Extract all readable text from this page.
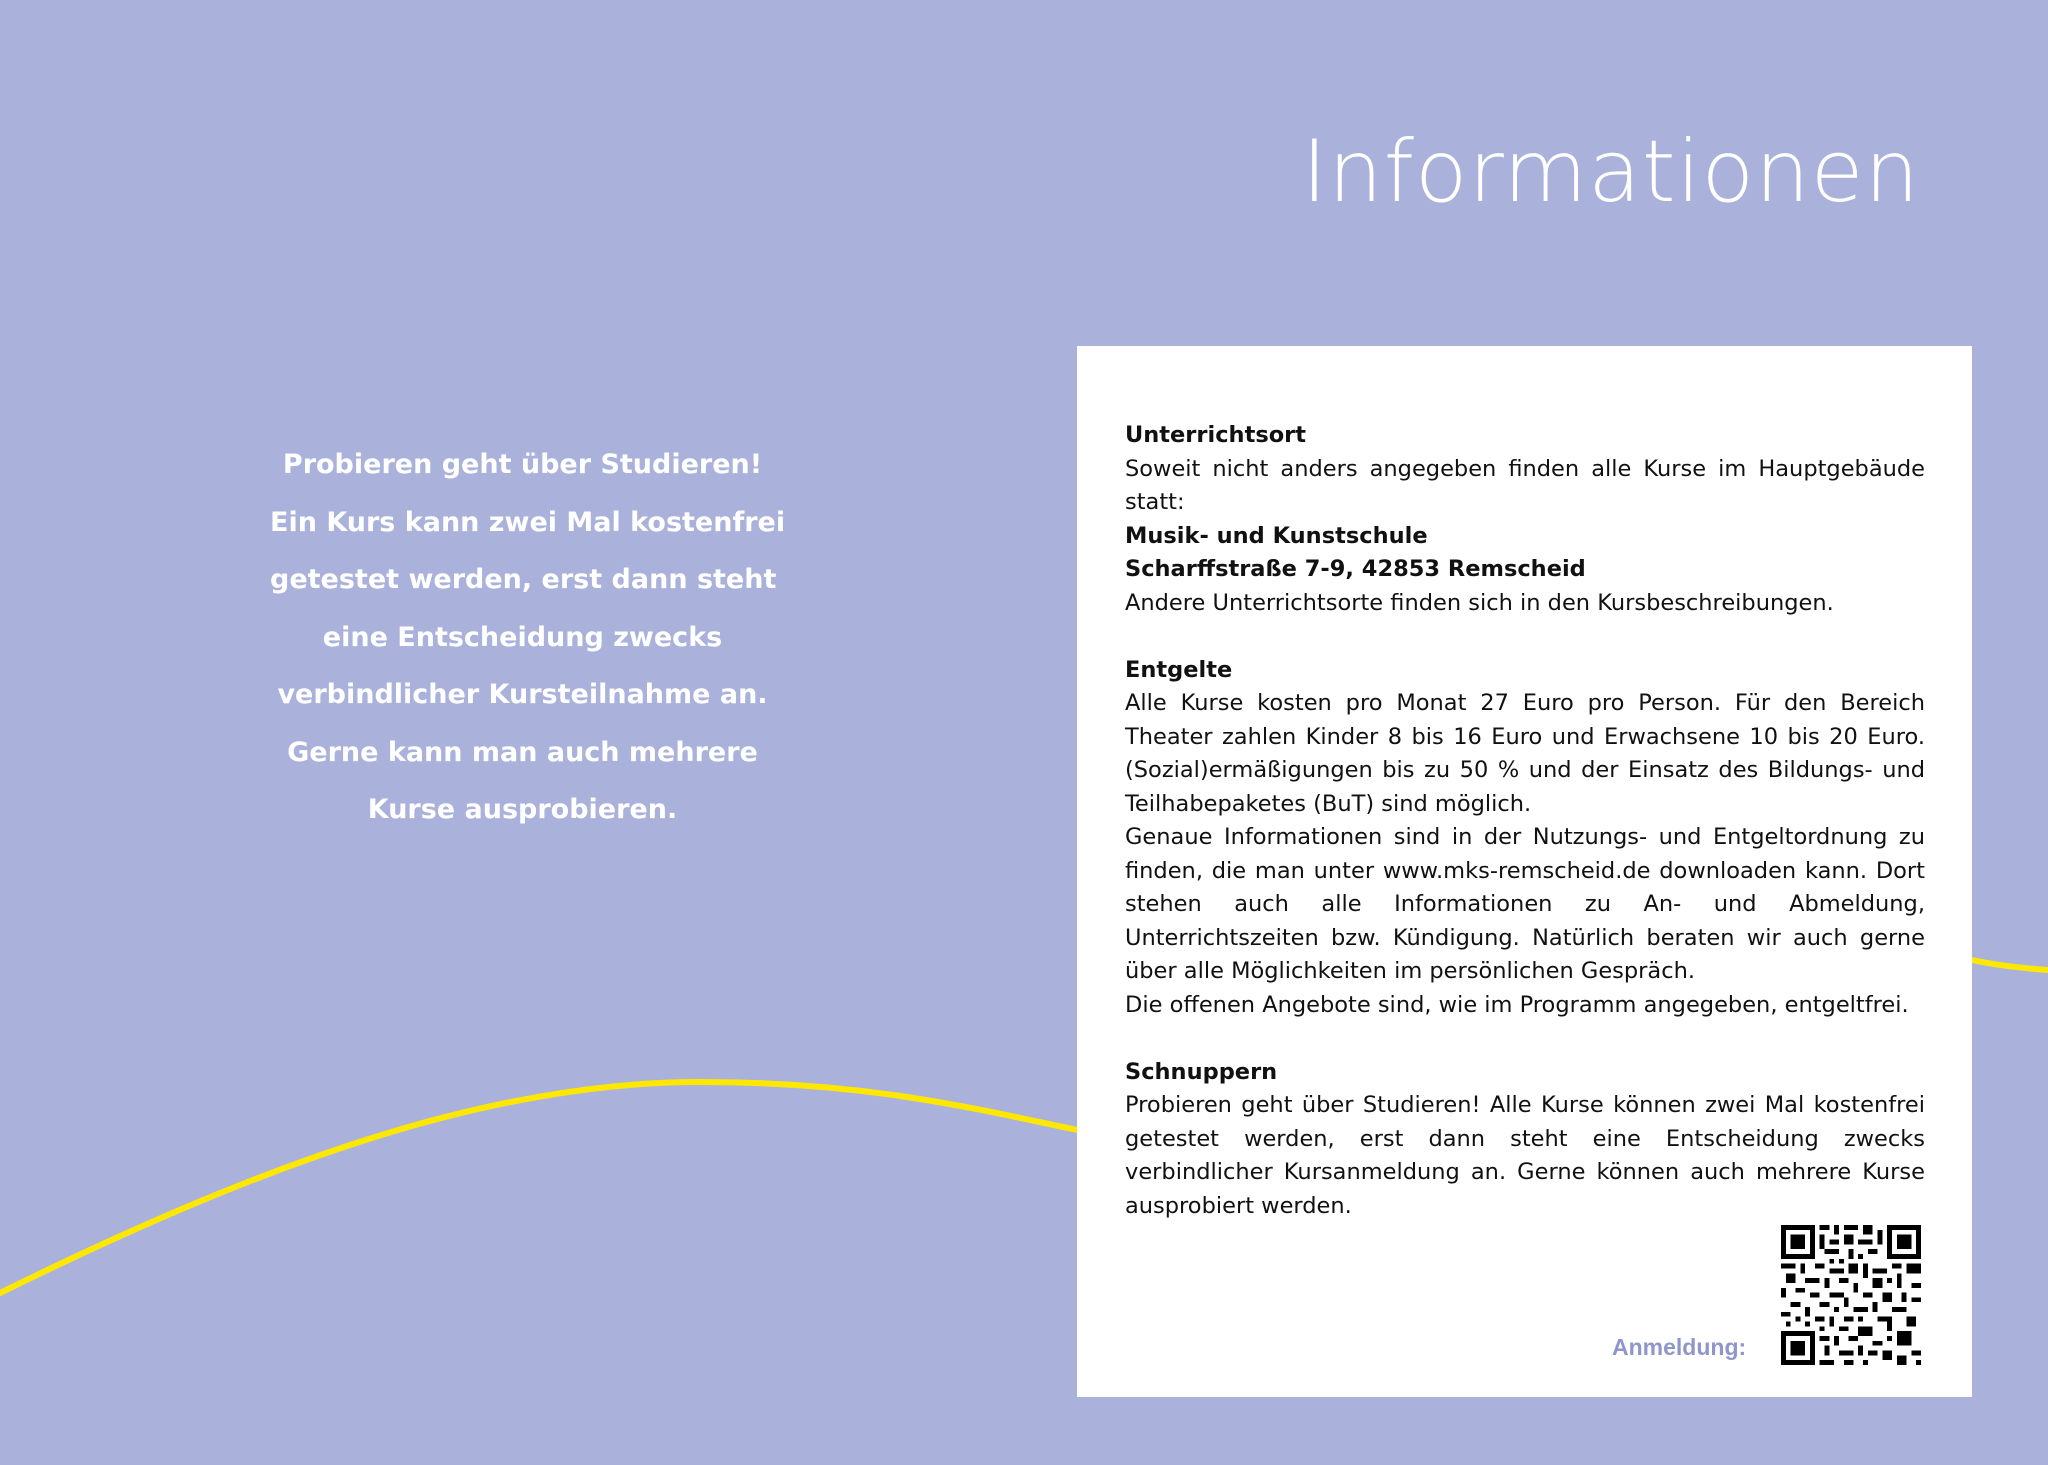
Informationen
Probieren geht über Studieren!
Ein Kurs kann zwei Mal kostenfrei
getestet werden, erst dann steht
eine Entscheidung zwecks
verbindlicher Kursteilnahme an.
Gerne kann man auch mehrere
Kurse ausprobieren.
Unterrichtsort

Soweit nicht anders angegeben finden alle Kurse im Hauptgebäude statt:

Musik- und Kunstschule

Scharffstraße 7-9, 42853 Remscheid

Andere Unterrichtsorte finden sich in den Kursbeschreibungen.

Entgelte

Alle Kurse kosten pro Monat 27 Euro pro Person. Für den Bereich Theater zahlen Kinder 8 bis 16 Euro und Erwachsene 10 bis 20 Euro. (Sozial)ermäßigungen bis zu 50 % und der Einsatz des Bildungs- und Teilhabepaketes (BuT) sind möglich.

Genaue Informationen sind in der Nutzungs- und Entgeltordnung zu finden, die man unter www.mks-remscheid.de downloaden kann. Dort stehen auch alle Informationen zu An- und Abmeldung, Unterrichtszeiten bzw. Kündigung. Natürlich beraten wir auch gerne über alle Möglichkeiten im persönlichen Gespräch.

Die offenen Angebote sind, wie im Programm angegeben, entgeltfrei.

Schnuppern

Probieren geht über Studieren! Alle Kurse können zwei Mal kostenfrei getestet werden, erst dann steht eine Entscheidung zwecks verbindlicher Kursanmeldung an. Gerne können auch mehrere Kurse ausprobiert werden.

Anmeldung:
